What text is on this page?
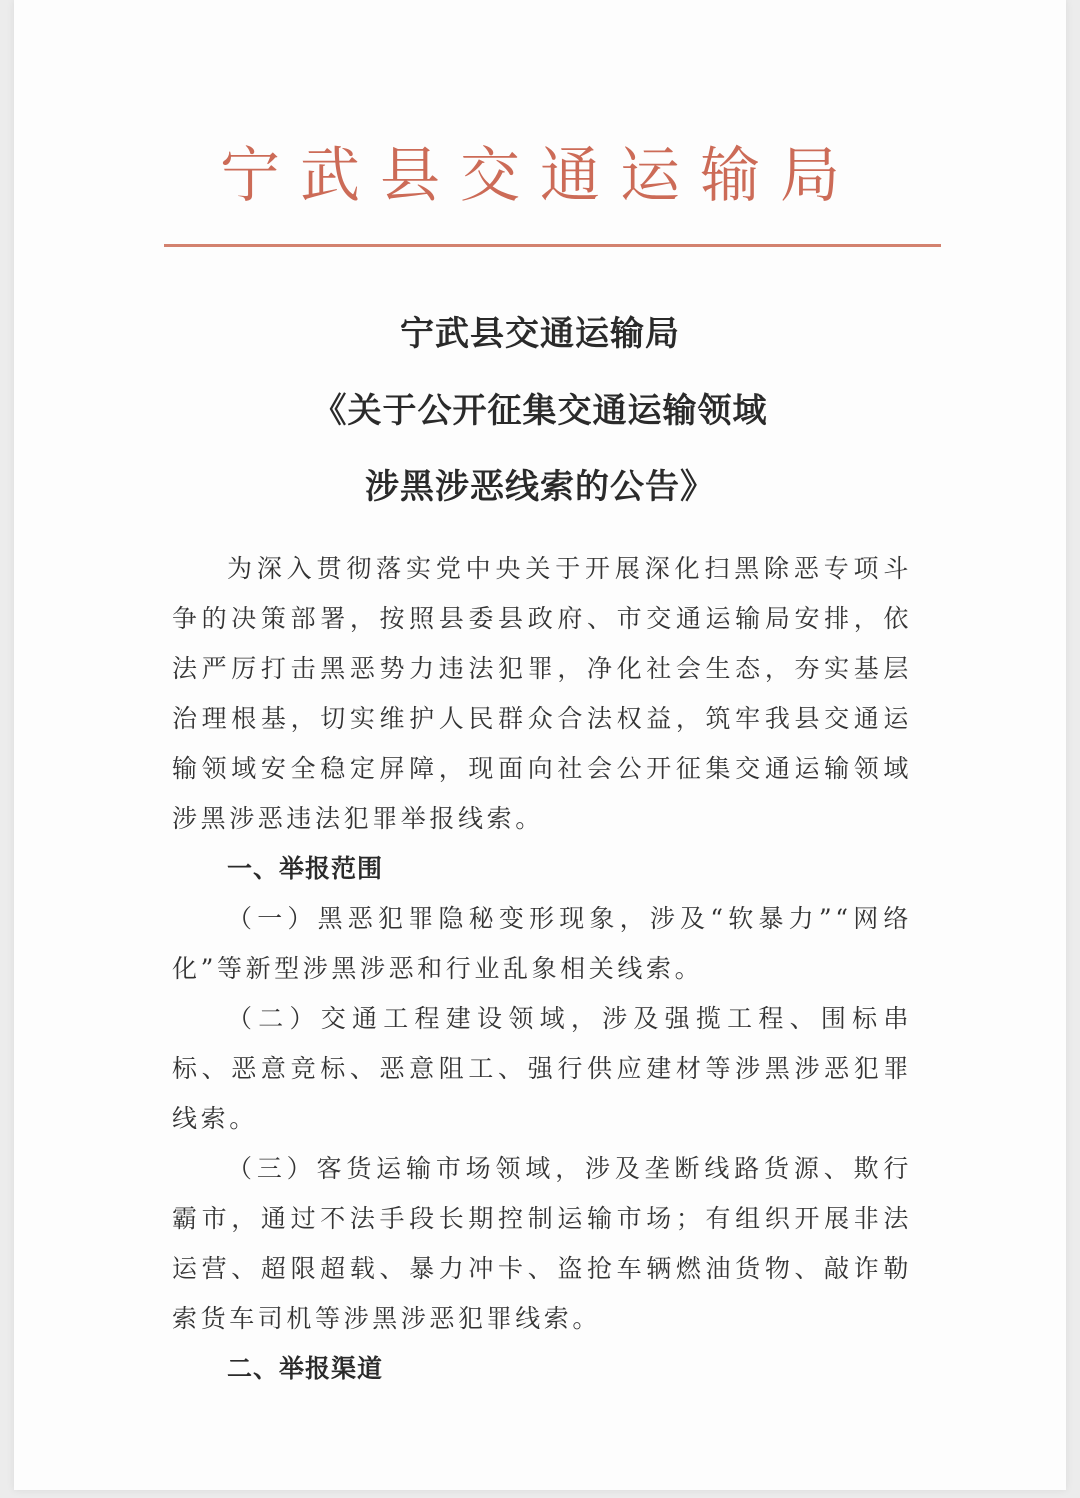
宁武县交通运输局
宁武县交通运输局
《关于公开征集交通运输领域
涉黑涉恶线索的公告》

为深入贯彻落实党中央关于开展深化扫黑除恶专项斗争的决策部署，按照县委县政府、市交通运输局安排，依法严厉打击黑恶势力违法犯罪，净化社会生态，夯实基层治理根基，切实维护人民群众合法权益，筑牢我县交通运输领域安全稳定屏障，现面向社会公开征集交通运输领域涉黑涉恶违法犯罪举报线索。

一、举报范围

（一）黑恶犯罪隐秘变形现象，涉及“软暴力”“网络化”等新型涉黑涉恶和行业乱象相关线索。

（二）交通工程建设领域，涉及强揽工程、围标串标、恶意竞标、恶意阻工、强行供应建材等涉黑涉恶犯罪线索。

（三）客货运输市场领域，涉及垄断线路货源、欺行霸市，通过不法手段长期控制运输市场；有组织开展非法运营、超限超载、暴力冲卡、盗抢车辆燃油货物、敲诈勒索货车司机等涉黑涉恶犯罪线索。

二、举报渠道
